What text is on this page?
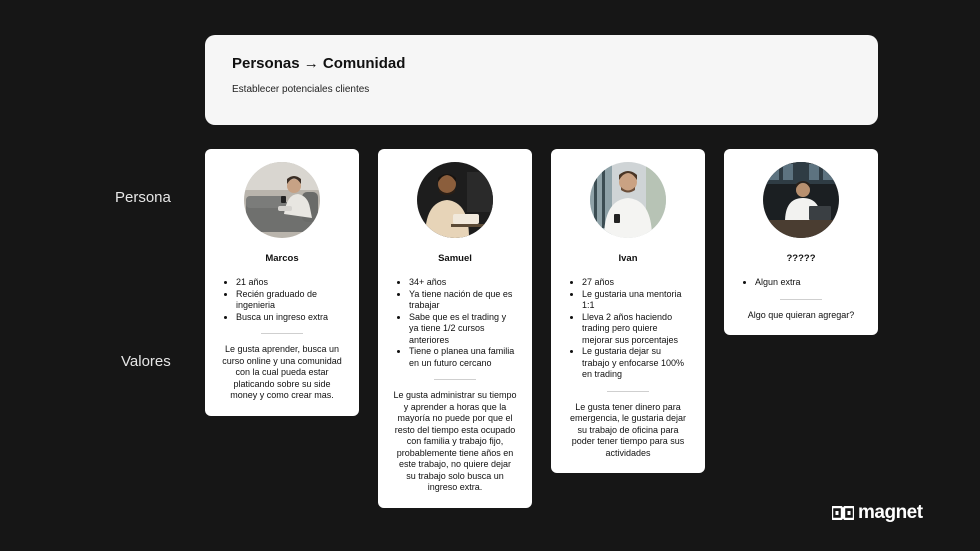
Personas → Comunidad
Establecer potenciales clientes
Persona
Valores
Marcos
• 21 años
• Recién graduado de ingenieria
• Busca un ingreso extra
Le gusta aprender, busca un curso online y una comunidad con la cual pueda estar platicando sobre su side money y como crear mas.
Samuel
• 34+ años
• Ya tiene nación de que es trabajar
• Sabe que es el trading y ya tiene 1/2 cursos anteriores
• Tiene o planea una familia en un futuro cercano
Le gusta administrar su tiempo y aprender a horas que la mayoría no puede por que el resto del tiempo esta ocupado con familia y trabajo fijo, probablemente tiene años en este trabajo, no quiere dejar su trabajo solo busca un ingreso extra.
Ivan
• 27 años
• Le gustaria una mentoria 1:1
• Lleva 2 años haciendo trading pero quiere mejorar sus porcentajes
• Le gustaria dejar su trabajo y enfocarse 100% en trading
Le gusta tener dinero para emergencia, le gustaria dejar su trabajo de oficina para poder tener tiempo para sus actividades
?????
• Algun extra
Algo que quieran agregar?
magnet
